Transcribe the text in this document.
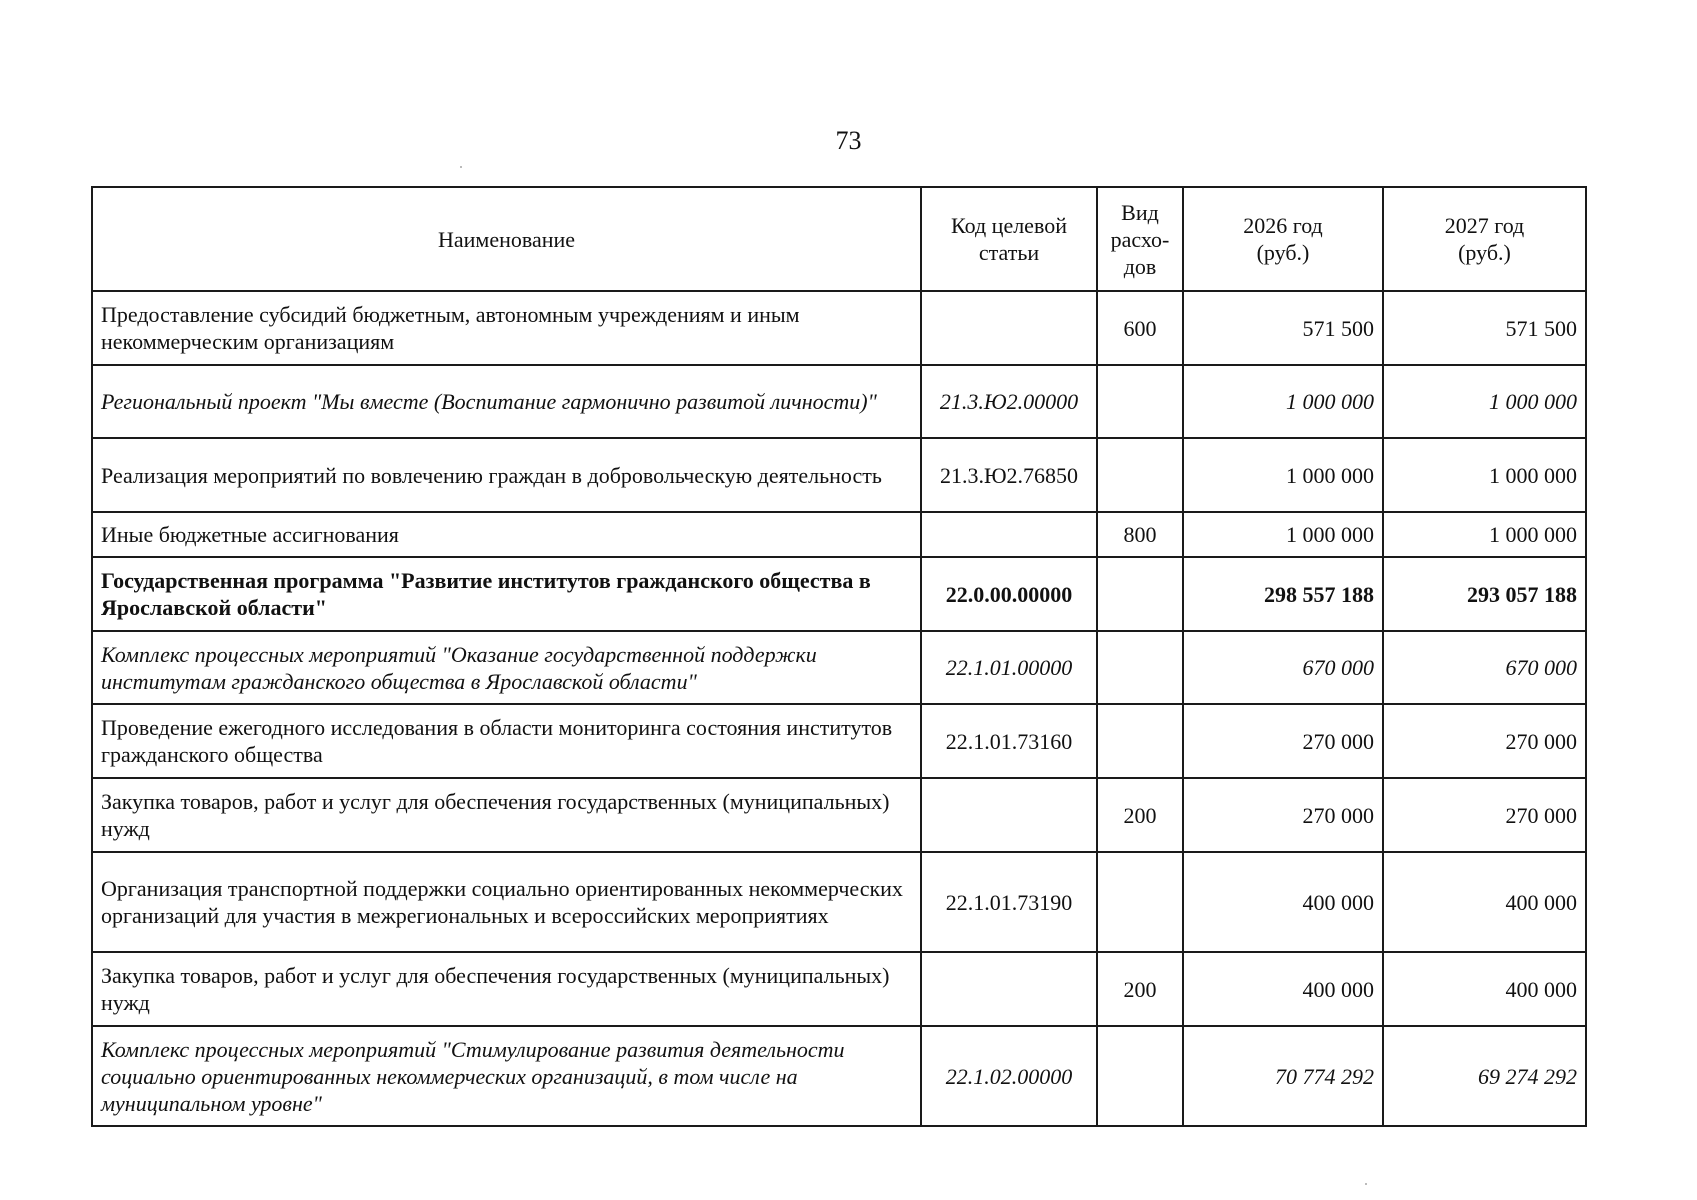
73
Наименование	Код целевой статьи	Вид расхо-дов	2026 год (руб.)	2027 год (руб.)
Предоставление субсидий бюджетным, автономным учреждениям и иным некоммерческим организациям		600	571 500	571 500
Региональный проект "Мы вместе (Воспитание гармонично развитой личности)"	21.3.Ю2.00000		1 000 000	1 000 000
Реализация мероприятий по вовлечению граждан в добровольческую деятельность	21.3.Ю2.76850		1 000 000	1 000 000
Иные бюджетные ассигнования		800	1 000 000	1 000 000
Государственная программа "Развитие институтов гражданского общества в Ярославской области"	22.0.00.00000		298 557 188	293 057 188
Комплекс процессных мероприятий "Оказание государственной поддержки институтам гражданского общества в Ярославской области"	22.1.01.00000		670 000	670 000
Проведение ежегодного исследования в области мониторинга состояния институтов гражданского общества	22.1.01.73160		270 000	270 000
Закупка товаров, работ и услуг для обеспечения государственных (муниципальных) нужд		200	270 000	270 000
Организация транспортной поддержки социально ориентированных некоммерческих организаций для участия в межрегиональных и всероссийских мероприятиях	22.1.01.73190		400 000	400 000
Закупка товаров, работ и услуг для обеспечения государственных (муниципальных) нужд		200	400 000	400 000
Комплекс процессных мероприятий "Стимулирование развития деятельности социально ориентированных некоммерческих организаций, в том числе на муниципальном уровне"	22.1.02.00000		70 774 292	69 274 292
